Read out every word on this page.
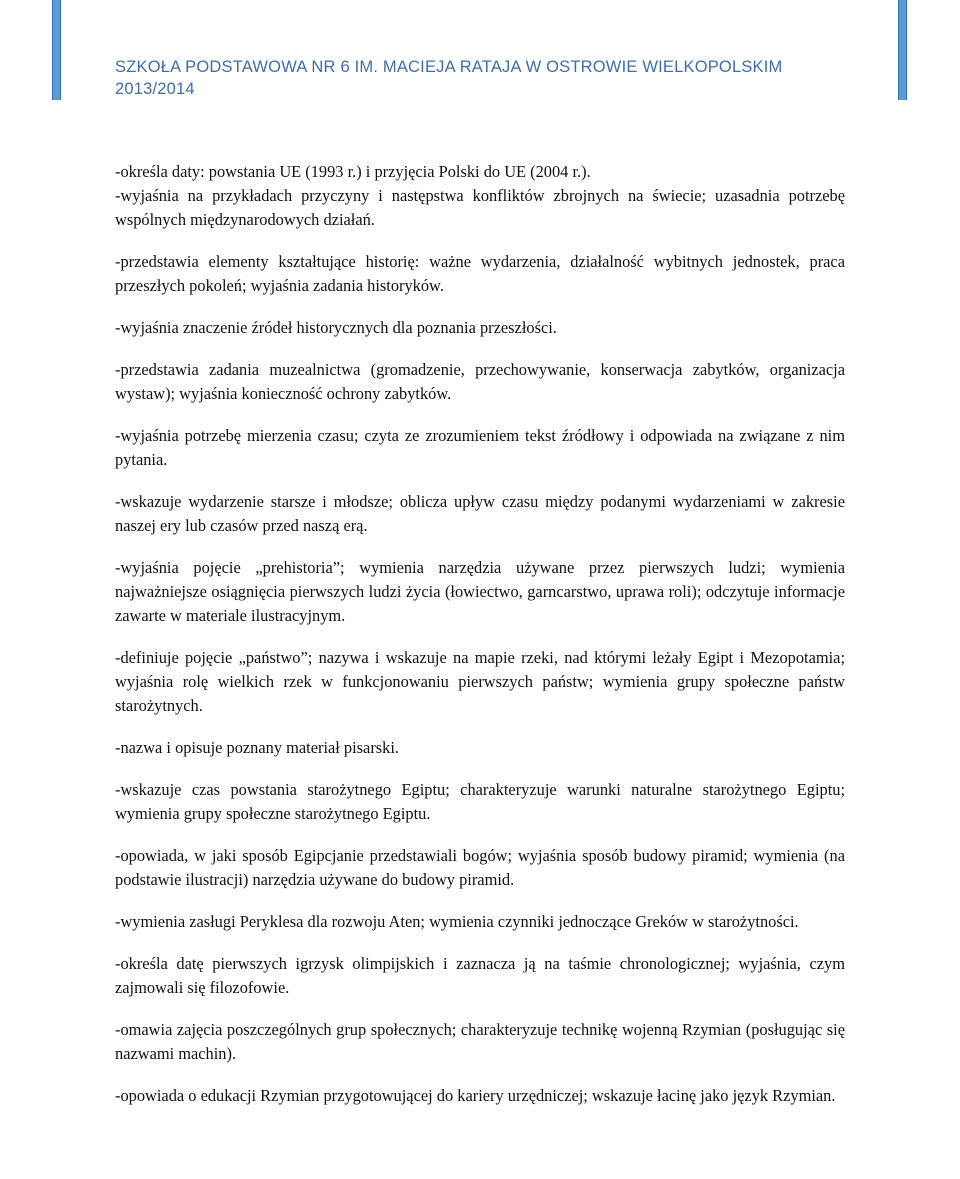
SZKOŁA PODSTAWOWA NR 6 IM. MACIEJA RATAJA W OSTROWIE WIELKOPOLSKIM
2013/2014

-określa daty: powstania UE (1993 r.) i przyjęcia Polski do UE (2004 r.).

-wyjaśnia na przykładach przyczyny i następstwa konfliktów zbrojnych na świecie; uzasadnia potrzebę wspólnych międzynarodowych działań.

-przedstawia elementy kształtujące historię: ważne wydarzenia, działalność wybitnych jednostek, praca przeszłych pokoleń; wyjaśnia zadania historyków.

-wyjaśnia znaczenie źródeł historycznych dla poznania przeszłości.

-przedstawia zadania muzealnictwa (gromadzenie, przechowywanie, konserwacja zabytków, organizacja wystaw); wyjaśnia konieczność ochrony zabytków.

-wyjaśnia potrzebę mierzenia czasu; czyta ze zrozumieniem tekst źródłowy i odpowiada na związane z nim pytania.

-wskazuje wydarzenie starsze i młodsze; oblicza upływ czasu między podanymi wydarzeniami w zakresie naszej ery lub czasów przed naszą erą.

-wyjaśnia pojęcie „prehistoria”; wymienia narzędzia używane przez pierwszych ludzi; wymienia najważniejsze osiągnięcia pierwszych ludzi życia (łowiectwo, garncarstwo, uprawa roli); odczytuje informacje zawarte w materiale ilustracyjnym.

-definiuje pojęcie „państwo”; nazywa i wskazuje na mapie rzeki, nad którymi leżały Egipt i Mezopotamia; wyjaśnia rolę wielkich rzek w funkcjonowaniu pierwszych państw; wymienia grupy społeczne państw starożytnych.

-nazwa i opisuje poznany materiał pisarski.

-wskazuje czas powstania starożytnego Egiptu; charakteryzuje warunki naturalne starożytnego Egiptu; wymienia grupy społeczne starożytnego Egiptu.

-opowiada, w jaki sposób Egipcjanie przedstawiali bogów; wyjaśnia sposób budowy piramid; wymienia (na podstawie ilustracji) narzędzia używane do budowy piramid.

-wymienia zasługi Peryklesa dla rozwoju Aten; wymienia czynniki jednoczące Greków w starożytności.

-określa datę pierwszych igrzysk olimpijskich i zaznacza ją na taśmie chronologicznej; wyjaśnia, czym zajmowali się filozofowie.

-omawia zajęcia poszczególnych grup społecznych; charakteryzuje technikę wojenną Rzymian (posługując się nazwami machin).

-opowiada o edukacji Rzymian przygotowującej do kariery urzędniczej; wskazuje łacinę jako język Rzymian.
